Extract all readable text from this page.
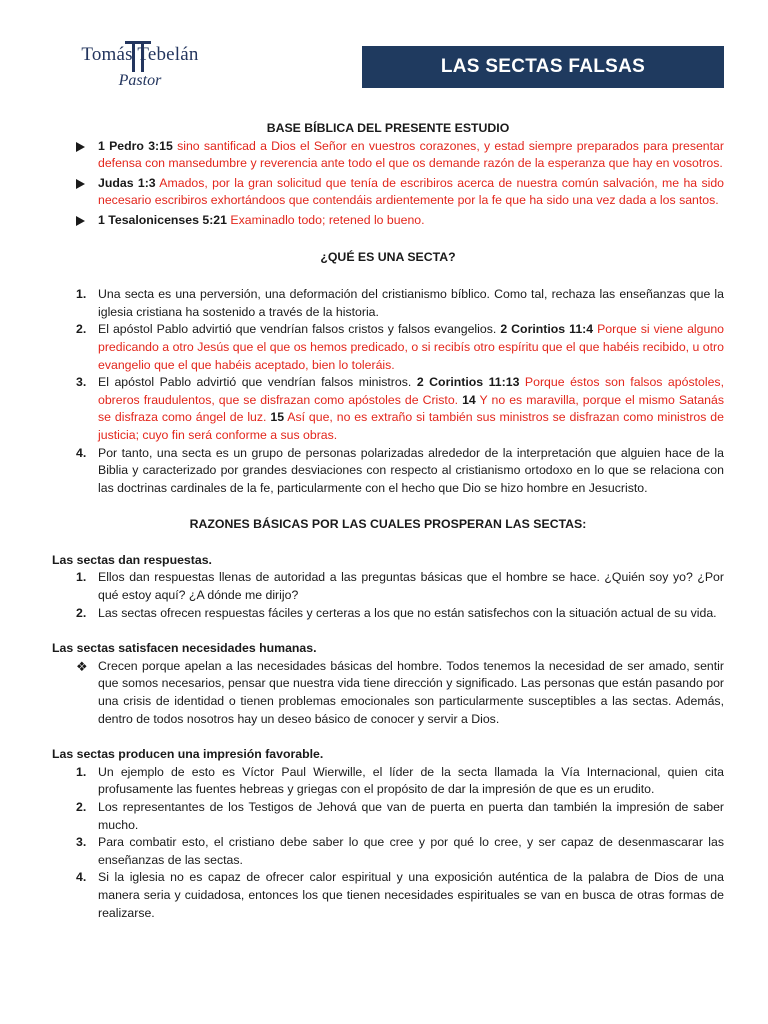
Tomás Tebelán
Pastor
LAS SECTAS FALSAS
BASE BÍBLICA DEL PRESENTE ESTUDIO
1 Pedro 3:15 sino santificad a Dios el Señor en vuestros corazones, y estad siempre preparados para presentar defensa con mansedumbre y reverencia ante todo el que os demande razón de la esperanza que hay en vosotros.
Judas 1:3 Amados, por la gran solicitud que tenía de escribiros acerca de nuestra común salvación, me ha sido necesario escribiros exhortándoos que contendáis ardientemente por la fe que ha sido una vez dada a los santos.
1 Tesalonicenses 5:21 Examinadlo todo; retened lo bueno.
¿QUÉ ES UNA SECTA?
1. Una secta es una perversión, una deformación del cristianismo bíblico. Como tal, rechaza las enseñanzas que la iglesia cristiana ha sostenido a través de la historia.
2. El apóstol Pablo advirtió que vendrían falsos cristos y falsos evangelios. 2 Corintios 11:4 Porque si viene alguno predicando a otro Jesús que el que os hemos predicado, o si recibís otro espíritu que el que habéis recibido, u otro evangelio que el que habéis aceptado, bien lo toleráis.
3. El apóstol Pablo advirtió que vendrían falsos ministros. 2 Corintios 11:13 Porque éstos son falsos apóstoles, obreros fraudulentos, que se disfrazan como apóstoles de Cristo. 14 Y no es maravilla, porque el mismo Satanás se disfraza como ángel de luz. 15 Así que, no es extraño si también sus ministros se disfrazan como ministros de justicia; cuyo fin será conforme a sus obras.
4. Por tanto, una secta es un grupo de personas polarizadas alrededor de la interpretación que alguien hace de la Biblia y caracterizado por grandes desviaciones con respecto al cristianismo ortodoxo en lo que se relaciona con las doctrinas cardinales de la fe, particularmente con el hecho que Dio se hizo hombre en Jesucristo.
RAZONES BÁSICAS POR LAS CUALES PROSPERAN LAS SECTAS:
Las sectas dan respuestas.
1. Ellos dan respuestas llenas de autoridad a las preguntas básicas que el hombre se hace. ¿Quién soy yo? ¿Por qué estoy aquí? ¿A dónde me dirijo?
2. Las sectas ofrecen respuestas fáciles y certeras a los que no están satisfechos con la situación actual de su vida.
Las sectas satisfacen necesidades humanas.
❖ Crecen porque apelan a las necesidades básicas del hombre. Todos tenemos la necesidad de ser amado, sentir que somos necesarios, pensar que nuestra vida tiene dirección y significado. Las personas que están pasando por una crisis de identidad o tienen problemas emocionales son particularmente susceptibles a las sectas. Además, dentro de todos nosotros hay un deseo básico de conocer y servir a Dios.
Las sectas producen una impresión favorable.
1. Un ejemplo de esto es Víctor Paul Wierwille, el líder de la secta llamada la Vía Internacional, quien cita profusamente las fuentes hebreas y griegas con el propósito de dar la impresión de que es un erudito.
2. Los representantes de los Testigos de Jehová que van de puerta en puerta dan también la impresión de saber mucho.
3. Para combatir esto, el cristiano debe saber lo que cree y por qué lo cree, y ser capaz de desenmascarar las enseñanzas de las sectas.
4. Si la iglesia no es capaz de ofrecer calor espiritual y una exposición auténtica de la palabra de Dios de una manera seria y cuidadosa, entonces los que tienen necesidades espirituales se van en busca de otras formas de realizarse.
